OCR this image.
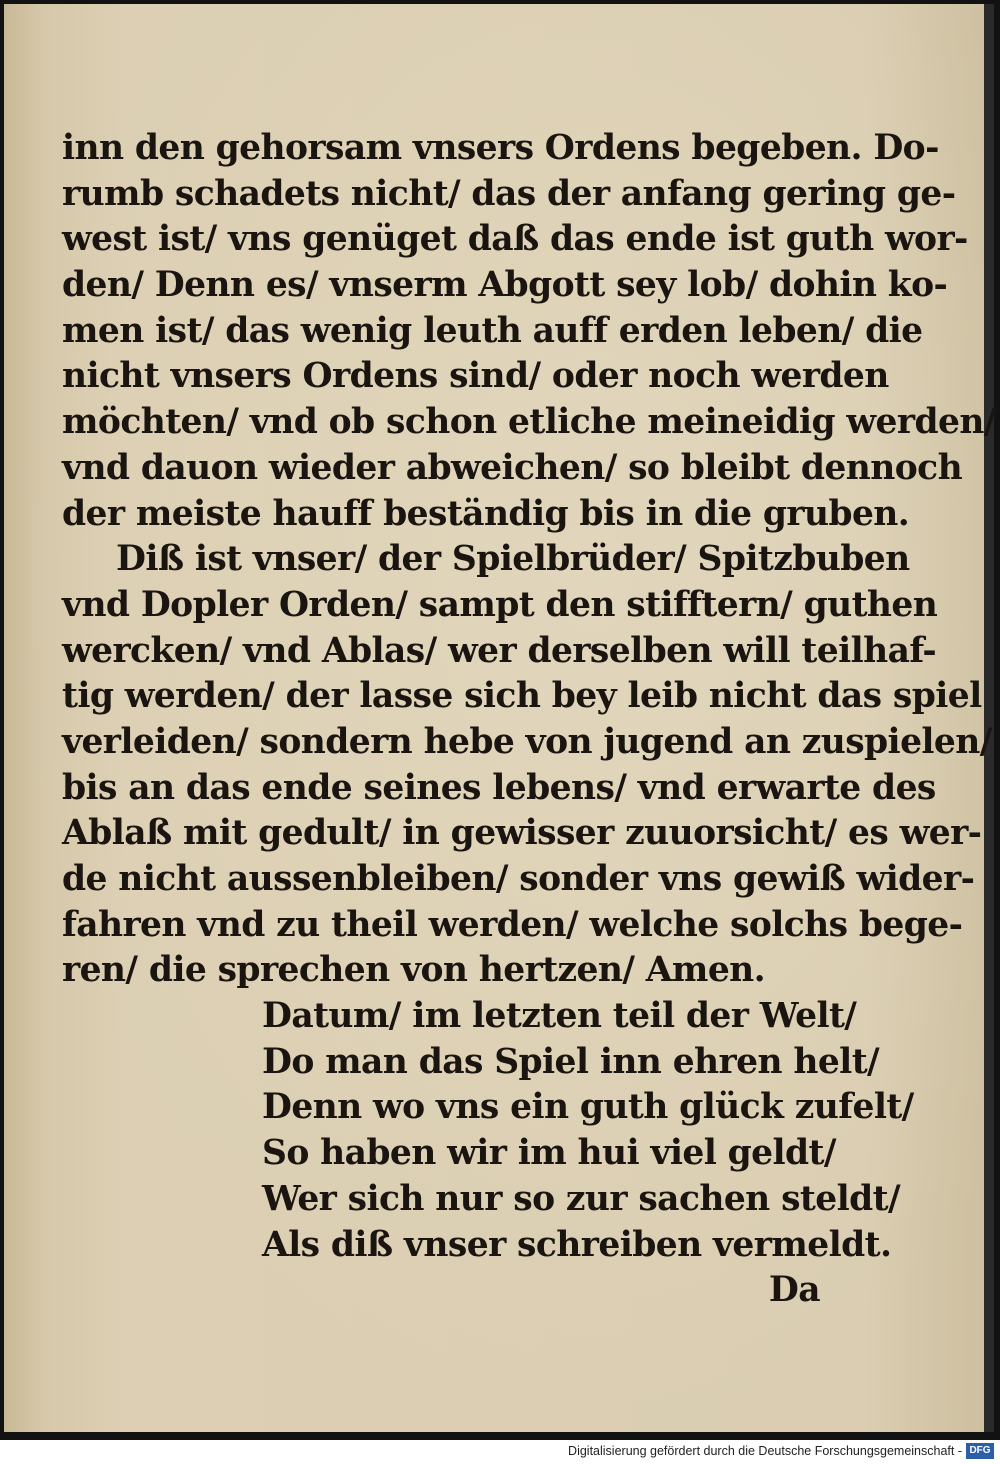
inn den gehorsam vnsers Ordens begeben. Do-
rumb schadets nicht/ das der anfang gering ge-
west ist/ vns genüget daß das ende ist guth wor-
den/ Denn es/ vnserm Abgott sey lob/ dohin ko-
men ist/ das wenig leuth auff erden leben/ die
nicht vnsers Ordens sind/ oder noch werden
möchten/ vnd ob schon etliche meineidig werden/
vnd dauon wieder abweichen/ so bleibt dennoch
der meiste hauff beständig bis in die gruben.
Diß ist vnser/ der Spielbrüder/ Spitzbuben
vnd Dopler Orden/ sampt den stifftern/ guthen
wercken/ vnd Ablas/ wer derselben will teilhaf-
tig werden/ der lasse sich bey leib nicht das spiel
verleiden/ sondern hebe von jugend an zuspielen/
bis an das ende seines lebens/ vnd erwarte des
Ablaß mit gedult/ in gewisser zuuorsicht/ es wer-
de nicht aussenbleiben/ sonder vns gewiß wider-
fahren vnd zu theil werden/ welche solchs bege-
ren/ die sprechen von hertzen/ Amen.
Datum/ im letzten teil der Welt/
Do man das Spiel inn ehren helt/
Denn wo vns ein guth glück zufelt/
So haben wir im hui viel geldt/
Wer sich nur so zur sachen steldt/
Als diß vnser schreiben vermeldt.
Da
Digitalisierung gefördert durch die Deutsche Forschungsgemeinschaft - DFG
